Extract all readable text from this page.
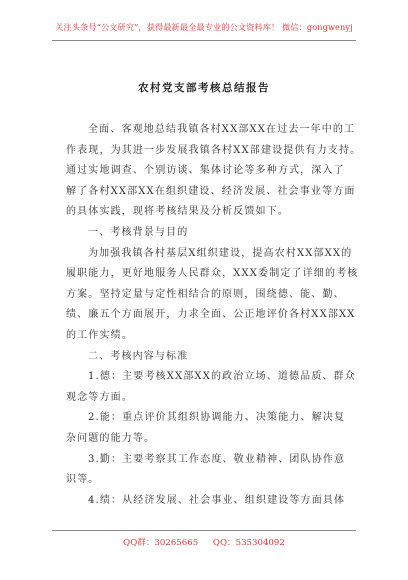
关注头条号“公文研究”，获得最新最全最专业的公文资料库！ 微信：gongwenyj
农村党支部考核总结报告
全面、客观地总结我镇各村XX部XX在过去一年中的工
作表现，为其进一步发展我镇各村XX部建设提供有力支持。
通过实地调查、个别访谈、集体讨论等多种方式，深入了
解了各村XX部XX在组织建设、经济发展、社会事业等方面
的具体实践，现将考核结果及分析反馈如下。
一、考核背景与目的
为加强我镇各村基层X组织建设，提高农村XX部XX的
履职能力，更好地服务人民群众，XXX委制定了详细的考核
方案。坚持定量与定性相结合的原则，围绕德、能、勤、
绩、廉五个方面展开，力求全面、公正地评价各村XX部XX
的工作实绩。
二、考核内容与标准
1.德：主要考核XX部XX的政治立场、道德品质、群众
观念等方面。
2.能：重点评价其组织协调能力、决策能力、解决复
杂问题的能力等。
3.勤：主要考察其工作态度、敬业精神、团队协作意
识等。
4.绩：从经济发展、社会事业、组织建设等方面具体
QQ群：30265665 QQ：535304092
